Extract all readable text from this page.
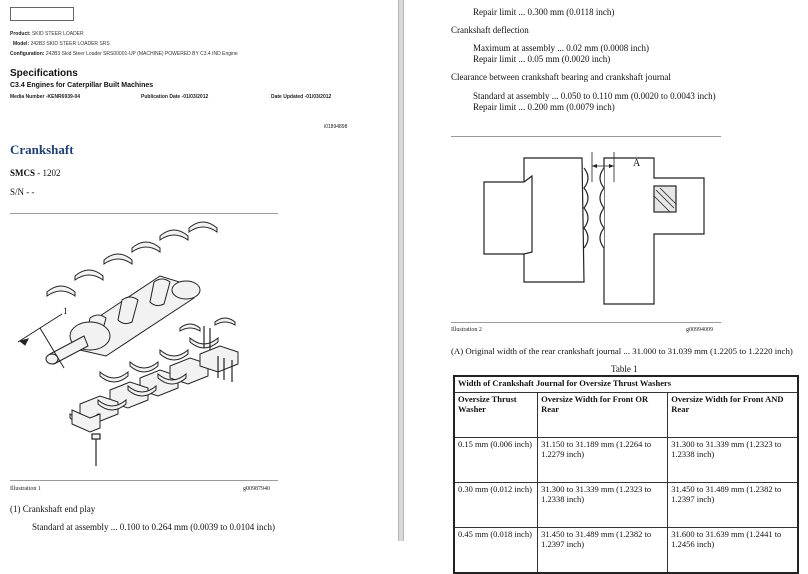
Product: SKID STEER LOADER
Model: 242B3 SKID STEER LOADER SRS
Configuration: 242B3 Skid Steer Loader SRS00001-UP (MACHINE) POWERED BY C3.4 IND Engine
Specifications
C3.4 Engines for Caterpillar Built Machines
Media Number -KENR6939-04	Publication Date -01/03/2012	Date Updated -01/03/2012
i01894898
Crankshaft
SMCS - 1202
S/N - -
1
Illustration 1	g00987940
(1) Crankshaft end play
Standard at assembly ... 0.100 to 0.264 mm (0.0039 to 0.0104 inch)
Repair limit ... 0.300 mm (0.0118 inch)
Crankshaft deflection
Maximum at assembly ... 0.02 mm (0.0008 inch)
Repair limit ... 0.05 mm (0.0020 inch)
Clearance between crankshaft bearing and crankshaft journal
Standard at assembly ... 0.050 to 0.110 mm (0.0020 to 0.0043 inch)
Repair limit ... 0.200 mm (0.0079 inch)
A
Illustration 2	g00994009
(A) Original width of the rear crankshaft journal ... 31.000 to 31.039 mm (1.2205 to 1.2220 inch)
Table 1
Width of Crankshaft Journal for Oversize Thrust Washers		
Oversize Thrust Washer	Oversize Width for Front OR Rear	Oversize Width for Front AND Rear
0.15 mm (0.006 inch)	31.150 to 31.189 mm (1.2264 to 1.2279 inch)	31.300 to 31.339 mm (1.2323 to 1.2338 inch)
0.30 mm (0.012 inch)	31.300 to 31.339 mm (1.2323 to 1.2338 inch)	31.450 to 31.489 mm (1.2382 to 1.2397 inch)
0.45 mm (0.018 inch)	31.450 to 31.489 mm (1.2382 to 1.2397 inch)	31.600 to 31.639 mm (1.2441 to 1.2456 inch)
